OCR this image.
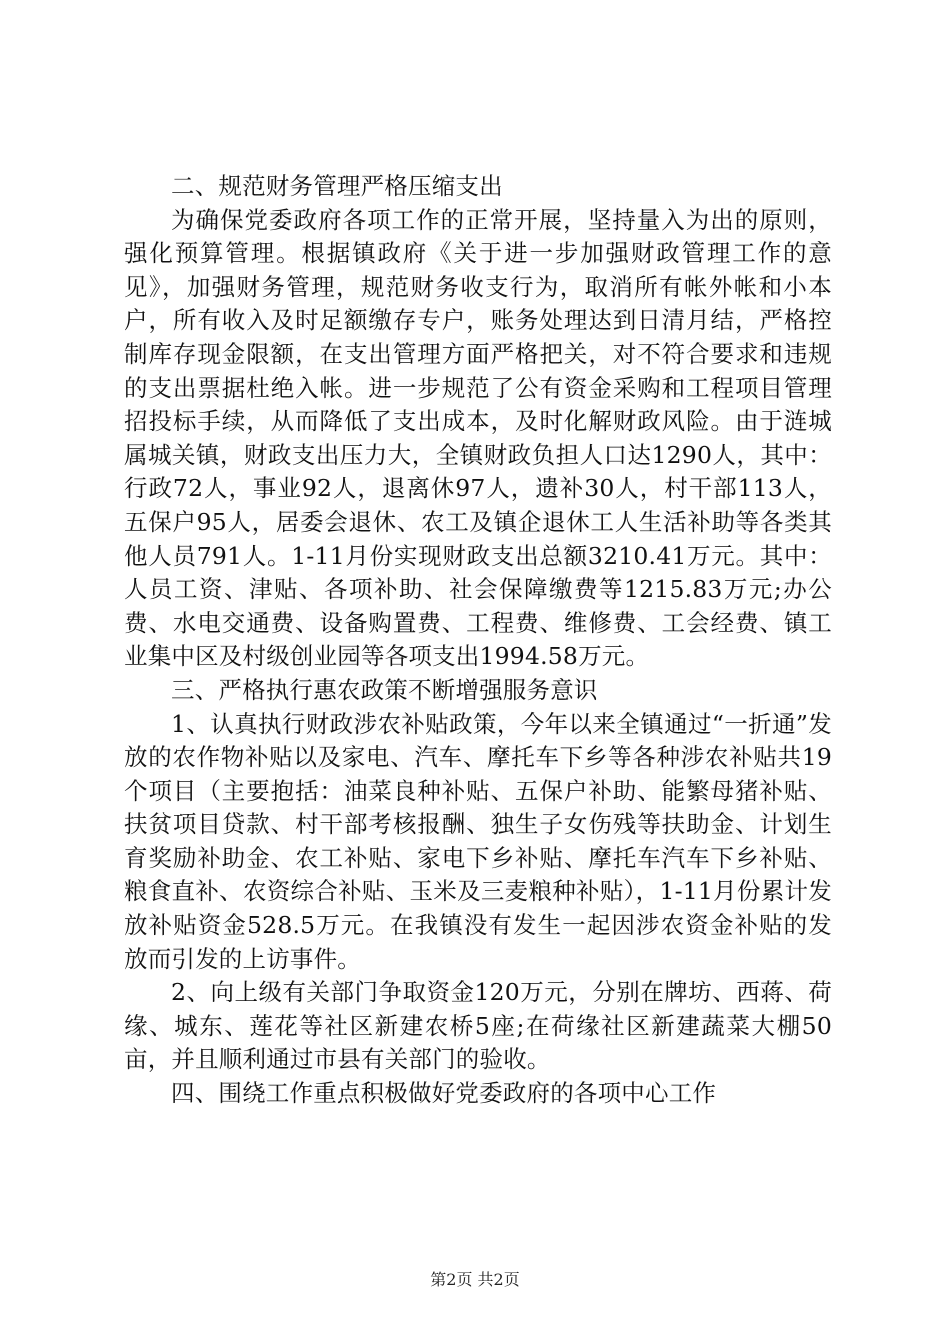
二、规范财务管理严格压缩支出

为确保党委政府各项工作的正常开展，坚持量入为出的原则，强化预算管理。根据镇政府《关于进一步加强财政管理工作的意见》，加强财务管理，规范财务收支行为，取消所有帐外帐和小本户，所有收入及时足额缴存专户，账务处理达到日清月结，严格控制库存现金限额，在支出管理方面严格把关，对不符合要求和违规的支出票据杜绝入帐。进一步规范了公有资金采购和工程项目管理招投标手续，从而降低了支出成本，及时化解财政风险。由于涟城属城关镇，财政支出压力大，全镇财政负担人口达1290人，其中：行政72人，事业92人，退离休97人，遗补30人，村干部113人，五保户95人，居委会退休、农工及镇企退休工人生活补助等各类其他人员791人。1-11月份实现财政支出总额3210.41万元。其中：人员工资、津贴、各项补助、社会保障缴费等1215.83万元;办公费、水电交通费、设备购置费、工程费、维修费、工会经费、镇工业集中区及村级创业园等各项支出1994.58万元。

三、严格执行惠农政策不断增强服务意识

1、认真执行财政涉农补贴政策，今年以来全镇通过“一折通”发放的农作物补贴以及家电、汽车、摩托车下乡等各种涉农补贴共19个项目（主要抱括：油菜良种补贴、五保户补助、能繁母猪补贴、扶贫项目贷款、村干部考核报酬、独生子女伤残等扶助金、计划生育奖励补助金、农工补贴、家电下乡补贴、摩托车汽车下乡补贴、粮食直补、农资综合补贴、玉米及三麦粮种补贴），1-11月份累计发放补贴资金528.5万元。在我镇没有发生一起因涉农资金补贴的发放而引发的上访事件。

2、向上级有关部门争取资金120万元，分别在牌坊、西蒋、荷缘、城东、莲花等社区新建农桥5座;在荷缘社区新建蔬菜大棚50亩，并且顺利通过市县有关部门的验收。

四、围绕工作重点积极做好党委政府的各项中心工作

第2页 共2页
